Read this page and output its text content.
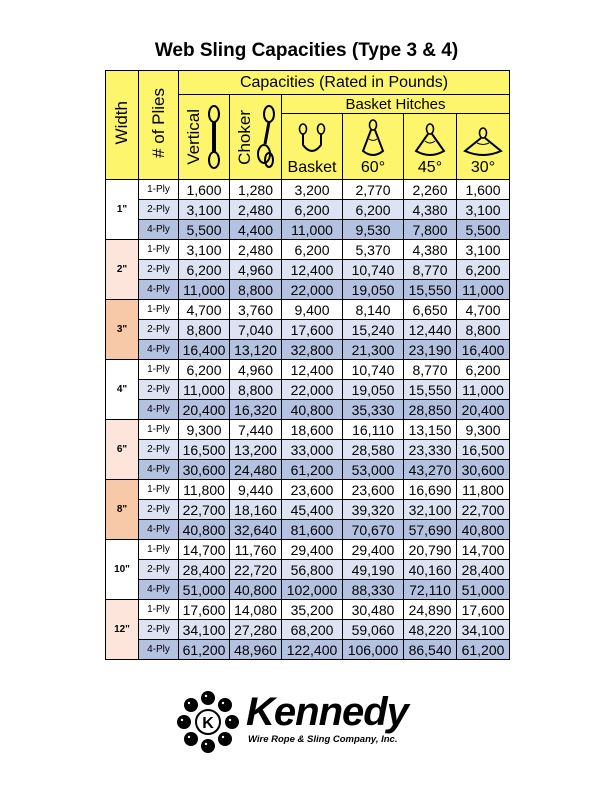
Web Sling Capacities (Type 3 & 4)
Width	# of Plies	Capacities (Rated in Pounds)					

		Vertical	Choker	Basket Hitches			

				Basket	60°	45°	30°

1"	1-Ply	1,600	1,280	3,200	2,770	2,260	1,600
	2-Ply	3,100	2,480	6,200	6,200	4,380	3,100
	4-Ply	5,500	4,400	11,000	9,530	7,800	5,500
2"	1-Ply	3,100	2,480	6,200	5,370	4,380	3,100
	2-Ply	6,200	4,960	12,400	10,740	8,770	6,200
	4-Ply	11,000	8,800	22,000	19,050	15,550	11,000
3"	1-Ply	4,700	3,760	9,400	8,140	6,650	4,700
	2-Ply	8,800	7,040	17,600	15,240	12,440	8,800
	4-Ply	16,400	13,120	32,800	21,300	23,190	16,400
4"	1-Ply	6,200	4,960	12,400	10,740	8,770	6,200
	2-Ply	11,000	8,800	22,000	19,050	15,550	11,000
	4-Ply	20,400	16,320	40,800	35,330	28,850	20,400
6"	1-Ply	9,300	7,440	18,600	16,110	13,150	9,300
	2-Ply	16,500	13,200	33,000	28,580	23,330	16,500
	4-Ply	30,600	24,480	61,200	53,000	43,270	30,600
8"	1-Ply	11,800	9,440	23,600	23,600	16,690	11,800
	2-Ply	22,700	18,160	45,400	39,320	32,100	22,700
	4-Ply	40,800	32,640	81,600	70,670	57,690	40,800
10"	1-Ply	14,700	11,760	29,400	29,400	20,790	14,700
	2-Ply	28,400	22,720	56,800	49,190	40,160	28,400
	4-Ply	51,000	40,800	102,000	88,330	72,110	51,000
12"	1-Ply	17,600	14,080	35,200	30,480	24,890	17,600
	2-Ply	34,100	27,280	68,200	59,060	48,220	34,100
	4-Ply	61,200	48,960	122,400	106,000	86,540	61,200
K Kennedy
Wire Rope & Sling Company, Inc.
